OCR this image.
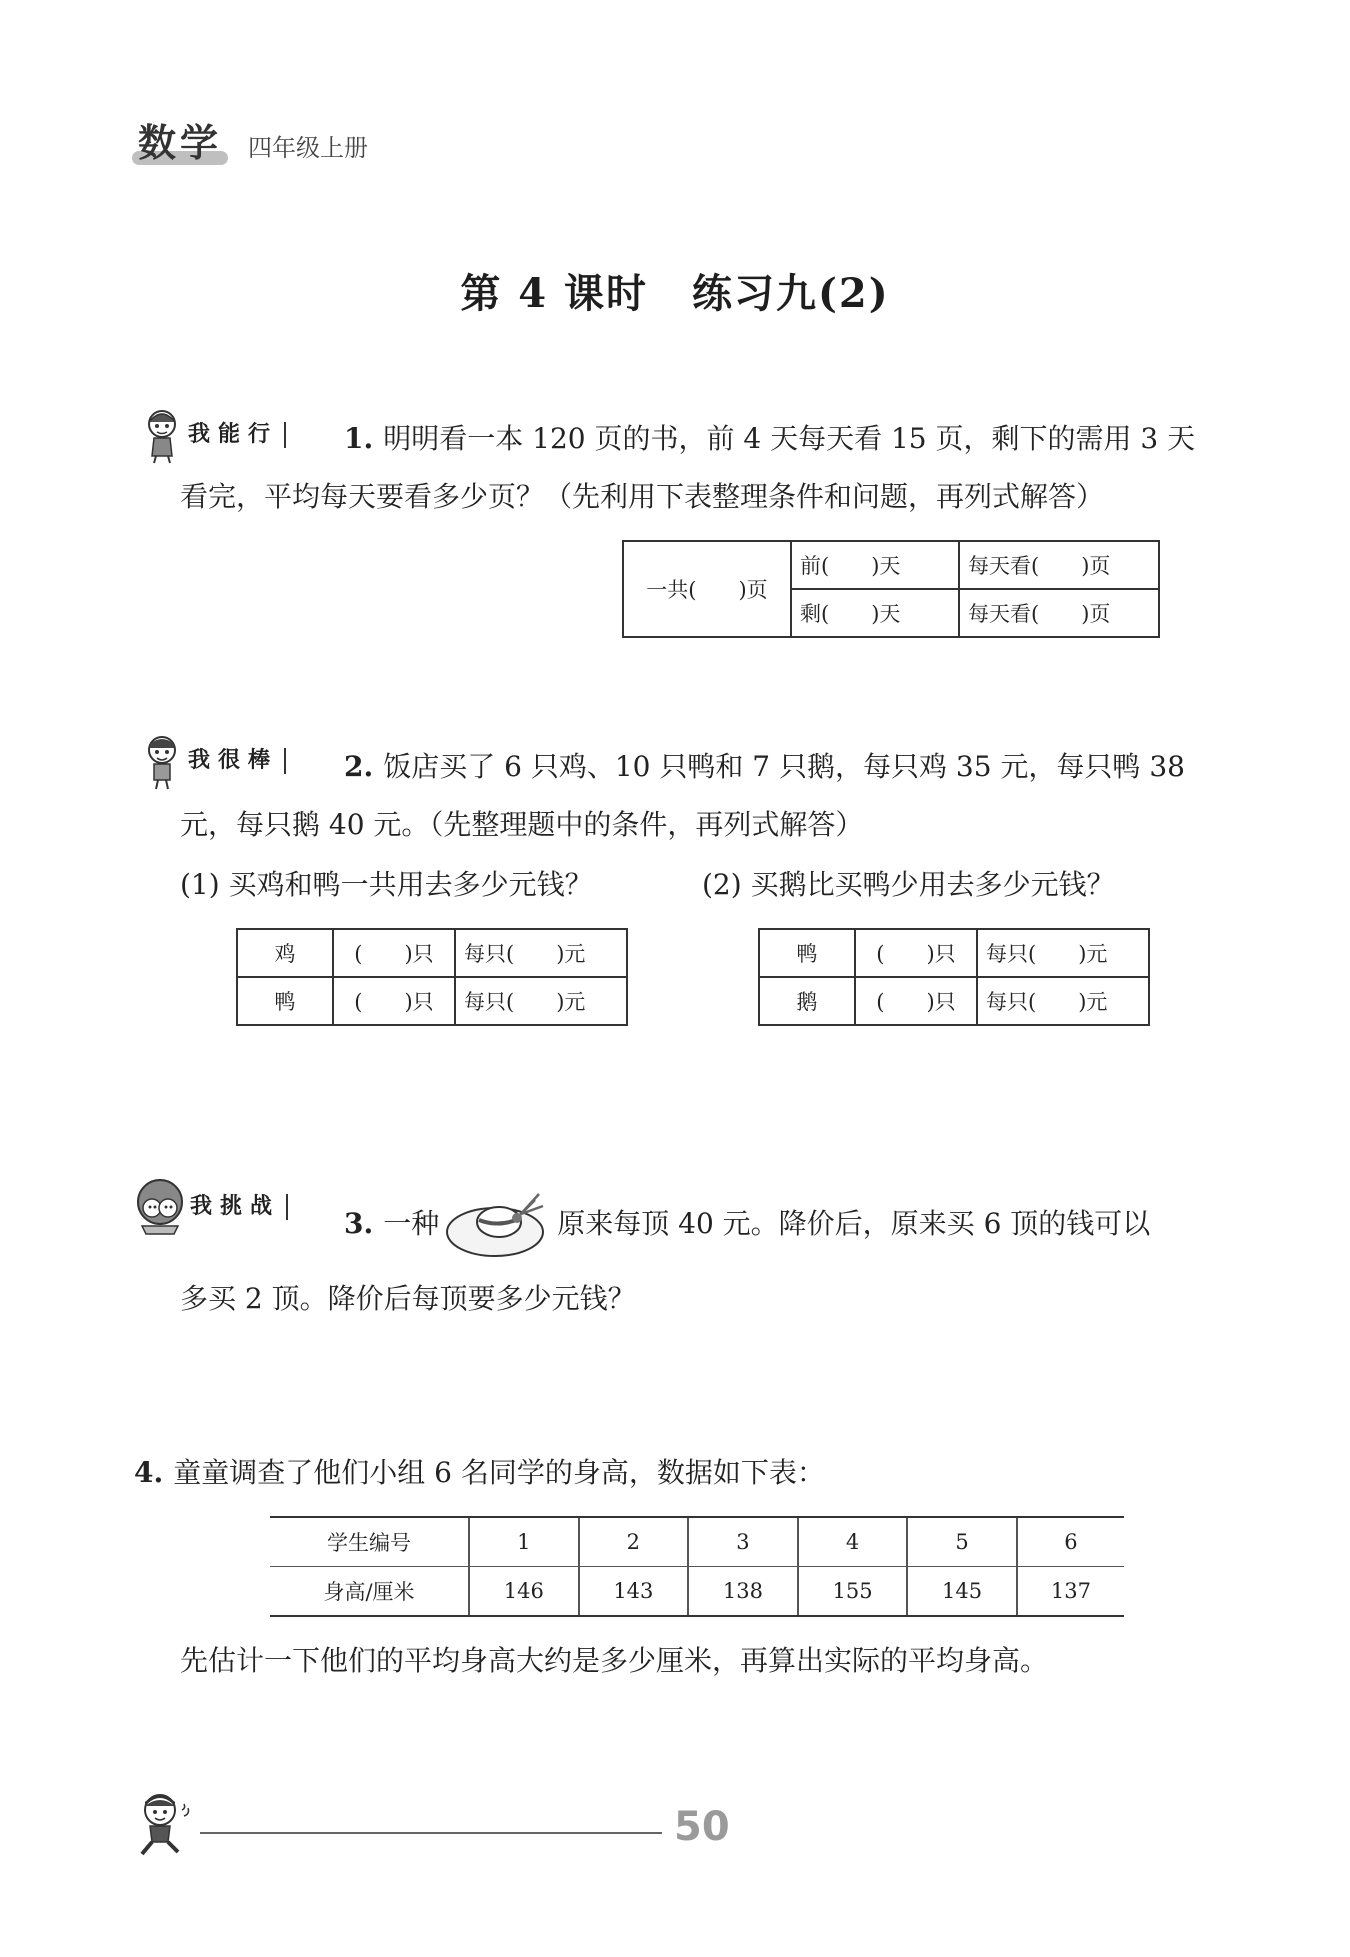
数学 四年级上册
第 4 课时 练习九(2)
我能行 1. 明明看一本 120 页的书，前 4 天每天看 15 页，剩下的需用 3 天
看完，平均每天要看多少页？（先利用下表整理条件和问题，再列式解答）
一共(　　)页	前(　　)天	每天看(　　)页
	剩(　　)天	每天看(　　)页
我很棒 2. 饭店买了 6 只鸡、10 只鸭和 7 只鹅，每只鸡 35 元，每只鸭 38
元，每只鹅 40 元。（先整理题中的条件，再列式解答）
(1) 买鸡和鸭一共用去多少元钱？	(2) 买鹅比买鸭少用去多少元钱？
鸡	(　　)只	每只(　　)元
鸭	(　　)只	每只(　　)元
鸭	(　　)只	每只(　　)元
鹅	(　　)只	每只(　　)元
我挑战
3. 一种	原来每顶 40 元。降价后，原来买 6 顶的钱可以
多买 2 顶。降价后每顶要多少元钱？
4. 童童调查了他们小组 6 名同学的身高，数据如下表：
学生编号	1	2	3	4	5	6
身高/厘米	146	143	138	155	145	137
先估计一下他们的平均身高大约是多少厘米，再算出实际的平均身高。
50
